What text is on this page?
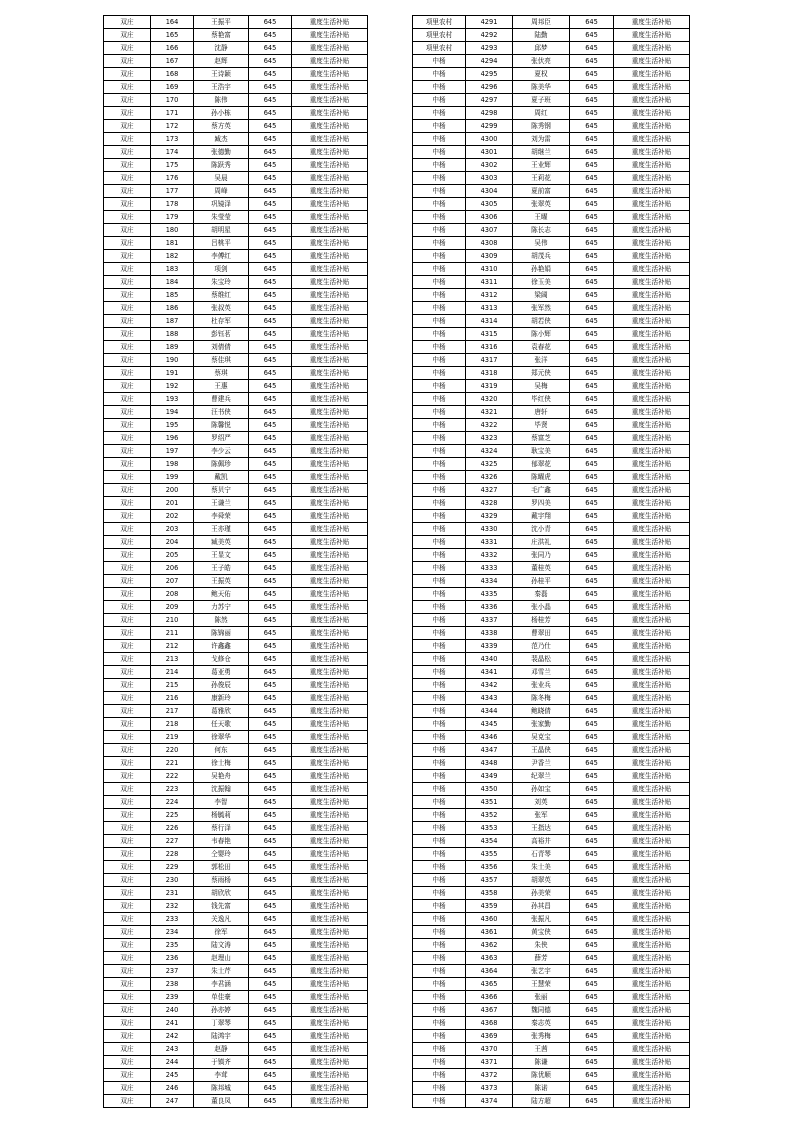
双庄	164	王振平	645	重度生活补贴
双庄	165	蔡艳富	645	重度生活补贴
双庄	166	沈静	645	重度生活补贴
双庄	167	赵辉	645	重度生活补贴
双庄	168	王诗颖	645	重度生活补贴
双庄	169	王浩宇	645	重度生活补贴
双庄	170	陈伟	645	重度生活补贴
双庄	171	孙小栋	645	重度生活补贴
双庄	172	蔡方英	645	重度生活补贴
双庄	173	臧杰	645	重度生活补贴
双庄	174	张德勤	645	重度生活补贴
双庄	175	陈跃秀	645	重度生活补贴
双庄	176	吴晨	645	重度生活补贴
双庄	177	周峰	645	重度生活补贴
双庄	178	巩镜泽	645	重度生活补贴
双庄	179	朱莹莹	645	重度生活补贴
双庄	180	胡明星	645	重度生活补贴
双庄	181	吕桃平	645	重度生活补贴
双庄	182	李傅红	645	重度生活补贴
双庄	183	项剑	645	重度生活补贴
双庄	184	朱宝玲	645	重度生活补贴
双庄	185	蔡维红	645	重度生活补贴
双庄	186	张叔英	645	重度生活补贴
双庄	187	杜存军	645	重度生活补贴
双庄	188	彭钰茗	645	重度生活补贴
双庄	189	刘倩倩	645	重度生活补贴
双庄	190	蔡佳琪	645	重度生活补贴
双庄	191	蔡琪	645	重度生活补贴
双庄	192	王惠	645	重度生活补贴
双庄	193	曹建兵	645	重度生活补贴
双庄	194	汪书侠	645	重度生活补贴
双庄	195	陈馨悦	645	重度生活补贴
双庄	196	罗绍严	645	重度生活补贴
双庄	197	李少云	645	重度生活补贴
双庄	198	陈佩珍	645	重度生活补贴
双庄	199	戴凯	645	重度生活补贴
双庄	200	蔡贝宁	645	重度生活补贴
双庄	201	王谦兰	645	重度生活补贴
双庄	202	李舜荣	645	重度生活补贴
双庄	203	王亦瑾	645	重度生活补贴
双庄	204	臧美英	645	重度生活补贴
双庄	205	王显文	645	重度生活补贴
双庄	206	王子皓	645	重度生活补贴
双庄	207	王振英	645	重度生活补贴
双庄	208	鲍天佑	645	重度生活补贴
双庄	209	力苏宁	645	重度生活补贴
双庄	210	陈然	645	重度生活补贴
双庄	211	陈锦丽	645	重度生活补贴
双庄	212	许鑫鑫	645	重度生活补贴
双庄	213	戈修仓	645	重度生活补贴
双庄	214	葛亚勇	645	重度生活补贴
双庄	215	孙俊辰	645	重度生活补贴
双庄	216	康新玲	645	重度生活补贴
双庄	217	葛雅欣	645	重度生活补贴
双庄	218	任天歌	645	重度生活补贴
双庄	219	徐翠华	645	重度生活补贴
双庄	220	何东	645	重度生活补贴
双庄	221	徐士梅	645	重度生活补贴
双庄	222	吴艳舟	645	重度生活补贴
双庄	223	沈振翰	645	重度生活补贴
双庄	224	李智	645	重度生活补贴
双庄	225	杨毓莉	645	重度生活补贴
双庄	226	蔡行泽	645	重度生活补贴
双庄	227	韦春艳	645	重度生活补贴
双庄	228	仝婴玲	645	重度生活补贴
双庄	229	郭松田	645	重度生活补贴
双庄	230	蔡雨杨	645	重度生活补贴
双庄	231	胡欣欣	645	重度生活补贴
双庄	232	钱先富	645	重度生活补贴
双庄	233	关逸凡	645	重度生活补贴
双庄	234	徐军	645	重度生活补贴
双庄	235	陆文涛	645	重度生活补贴
双庄	236	赵理山	645	重度生活补贴
双庄	237	朱士芹	645	重度生活补贴
双庄	238	李君涵	645	重度生活补贴
双庄	239	单佳豪	645	重度生活补贴
双庄	240	孙亦婷	645	重度生活补贴
双庄	241	丁翠琴	645	重度生活补贴
双庄	242	陆鸿宇	645	重度生活补贴
双庄	243	赵静	645	重度生活补贴
双庄	244	于镇齐	645	重度生活补贴
双庄	245	李茸	645	重度生活补贴
双庄	246	陈邦城	645	重度生活补贴
双庄	247	董良凤	645	重度生活补贴
项里农村	4291	周邦臣	645	重度生活补贴
项里农村	4292	陆勤	645	重度生活补贴
项里农村	4293	邱梦	645	重度生活补贴
中杨	4294	张伏亮	645	重度生活补贴
中杨	4295	夏权	645	重度生活补贴
中杨	4296	陈美华	645	重度生活补贴
中杨	4297	夏子班	645	重度生活补贴
中杨	4298	周红	645	重度生活补贴
中杨	4299	陈秀钢	645	重度生活补贴
中杨	4300	刘为雷	645	重度生活补贴
中杨	4301	胡继兰	645	重度生活补贴
中杨	4302	王业辉	645	重度生活补贴
中杨	4303	王莉花	645	重度生活补贴
中杨	4304	夏前富	645	重度生活补贴
中杨	4305	张翠英	645	重度生活补贴
中杨	4306	王曜	645	重度生活补贴
中杨	4307	陈长志	645	重度生活补贴
中杨	4308	吴伟	645	重度生活补贴
中杨	4309	胡茂兵	645	重度生活补贴
中杨	4310	孙艳娟	645	重度生活补贴
中杨	4311	徐玉美	645	重度生活补贴
中杨	4312	梁阔	645	重度生活补贴
中杨	4313	张军然	645	重度生活补贴
中杨	4314	胡若侠	645	重度生活补贴
中杨	4315	陈小辉	645	重度生活补贴
中杨	4316	袁春花	645	重度生活补贴
中杨	4317	张洋	645	重度生活补贴
中杨	4318	郑元侠	645	重度生活补贴
中杨	4319	吴梅	645	重度生活补贴
中杨	4320	毕红侠	645	重度生活补贴
中杨	4321	唐轩	645	重度生活补贴
中杨	4322	毕贤	645	重度生活补贴
中杨	4323	蔡富芝	645	重度生活补贴
中杨	4324	耿宝美	645	重度生活补贴
中杨	4325	郁翠花	645	重度生活补贴
中杨	4326	陈曜虎	645	重度生活补贴
中杨	4327	毛广鑫	645	重度生活补贴
中杨	4328	罗四美	645	重度生活补贴
中杨	4329	戴宇翔	645	重度生活补贴
中杨	4330	沈小青	645	重度生活补贴
中杨	4331	庄洪礼	645	重度生活补贴
中杨	4332	张同乃	645	重度生活补贴
中杨	4333	董桂英	645	重度生活补贴
中杨	4334	孙桂平	645	重度生活补贴
中杨	4335	秦磊	645	重度生活补贴
中杨	4336	张小晶	645	重度生活补贴
中杨	4337	杨桂芳	645	重度生活补贴
中杨	4338	曹翠田	645	重度生活补贴
中杨	4339	范乃仕	645	重度生活补贴
中杨	4340	裴晶松	645	重度生活补贴
中杨	4341	邓雪兰	645	重度生活补贴
中杨	4342	张业兵	645	重度生活补贴
中杨	4343	陈冬梅	645	重度生活补贴
中杨	4344	鲍晓倩	645	重度生活补贴
中杨	4345	张家勤	645	重度生活补贴
中杨	4346	吴克宝	645	重度生活补贴
中杨	4347	王晶侠	645	重度生活补贴
中杨	4348	尹香兰	645	重度生活补贴
中杨	4349	纪翠兰	645	重度生活补贴
中杨	4350	孙如宝	645	重度生活补贴
中杨	4351	刘英	645	重度生活补贴
中杨	4352	张军	645	重度生活补贴
中杨	4353	王指达	645	重度生活补贴
中杨	4354	高裕井	645	重度生活补贴
中杨	4355	石青琴	645	重度生活补贴
中杨	4356	朱士美	645	重度生活补贴
中杨	4357	胡翠英	645	重度生活补贴
中杨	4358	孙美荣	645	重度生活补贴
中杨	4359	孙其昌	645	重度生活补贴
中杨	4360	张振凡	645	重度生活补贴
中杨	4361	黄宝侠	645	重度生活补贴
中杨	4362	朱侠	645	重度生活补贴
中杨	4363	薛芳	645	重度生活补贴
中杨	4364	张艺宇	645	重度生活补贴
中杨	4365	王慧荣	645	重度生活补贴
中杨	4366	张丽	645	重度生活补贴
中杨	4367	魏同德	645	重度生活补贴
中杨	4368	秦志英	645	重度生活补贴
中杨	4369	张秀梅	645	重度生活补贴
中杨	4370	王茜	645	重度生活补贴
中杨	4371	陈谦	645	重度生活补贴
中杨	4372	陈优顺	645	重度生活补贴
中杨	4373	陈诺	645	重度生活补贴
中杨	4374	陆方超	645	重度生活补贴
